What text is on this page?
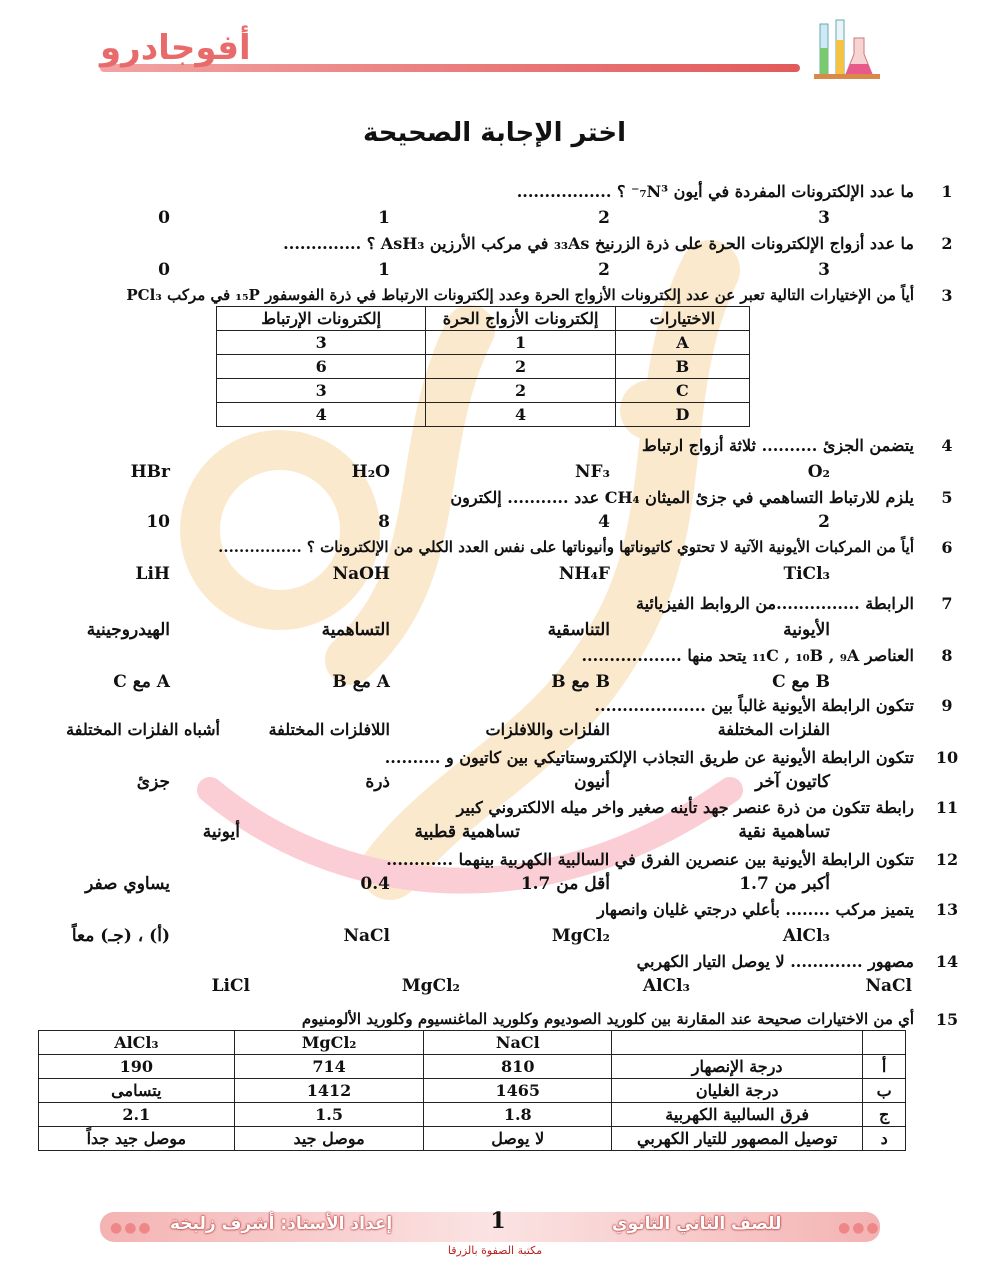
أفوجادرو
اختر الإجابة الصحيحة
1
ما عدد الإلكترونات المفردة في أيون ₇N³⁻ ؟ .................
3
2
1
0
2
ما عدد أزواج الإلكترونات الحرة على ذرة الزرنيخ ₃₃As في مركب الأرزين AsH₃ ؟ ..............
3
2
1
0
3
أياً من الإختيارات التالية تعبر عن عدد إلكترونات الأزواج الحرة وعدد إلكترونات الارتباط في ذرة الفوسفور ₁₅P في مركب PCl₃
الاختيارات	إلكترونات الأزواج الحرة	إلكترونات الإرتباط
A	1	3
B	2	6
C	2	3
D	4	4
4
يتضمن الجزئ .......... ثلاثة أزواج ارتباط
O₂
NF₃
H₂O
HBr
5
يلزم للارتباط التساهمي في جزئ الميثان CH₄ عدد ........... إلكترون
2
4
8
10
6
أياً من المركبات الأيونية الآتية لا تحتوي كاتيوناتها وأنيوناتها على نفس العدد الكلي من الإلكترونات ؟ ................
TiCl₃
NH₄F
NaOH
LiH
7
الرابطة ...............من الروابط الفيزيائية
الأيونية
التناسقية
التساهمية
الهيدروجينية
8
العناصر ₁₁C , ₁₀B , ₉A يتحد منها ..................
B مع C
B مع B
A مع B
A مع C
9
تتكون الرابطة الأيونية غالباً بين ....................
الفلزات المختلفة
الفلزات واللافلزات
اللافلزات المختلفة
أشباه الفلزات المختلفة
10
تتكون الرابطة الأيونية عن طريق التجاذب الإلكتروستاتيكي بين كاتيون و ..........
كاتيون آخر
أنيون
ذرة
جزئ
11
رابطة تتكون من ذرة عنصر جهد تأينه صغير واخر ميله الالكتروني كبير
تساهمية نقية
تساهمية قطبية
أيونية
12
تتكون الرابطة الأيونية بين عنصرين الفرق في السالبية الكهربية بينهما ............
أكبر من 1.7
أقل من 1.7
0.4
يساوي صفر
13
يتميز مركب ........ بأعلي درجتي غليان وانصهار
AlCl₃
MgCl₂
NaCl
(أ) ، (جـ) معاً
14
مصهور ............. لا يوصل التيار الكهربي
NaCl
AlCl₃
MgCl₂
LiCl
15
أي من الاختيارات صحيحة عند المقارنة بين كلوريد الصوديوم وكلوريد الماغنسيوم وكلوريد الألومنيوم
		NaCl	MgCl₂	AlCl₃
أ	درجة الإنصهار	810	714	190
ب	درجة الغليان	1465	1412	يتسامى
ج	فرق السالبية الكهربية	1.8	1.5	2.1
د	توصيل المصهور للتيار الكهربي	لا يوصل	موصل جيد	موصل جيد جداً
●●●	●●●
إعداد الأستاذ: أشرف زلبخة	للصف الثاني الثانوي
1
مكتبة الصفوة بالزرقا
